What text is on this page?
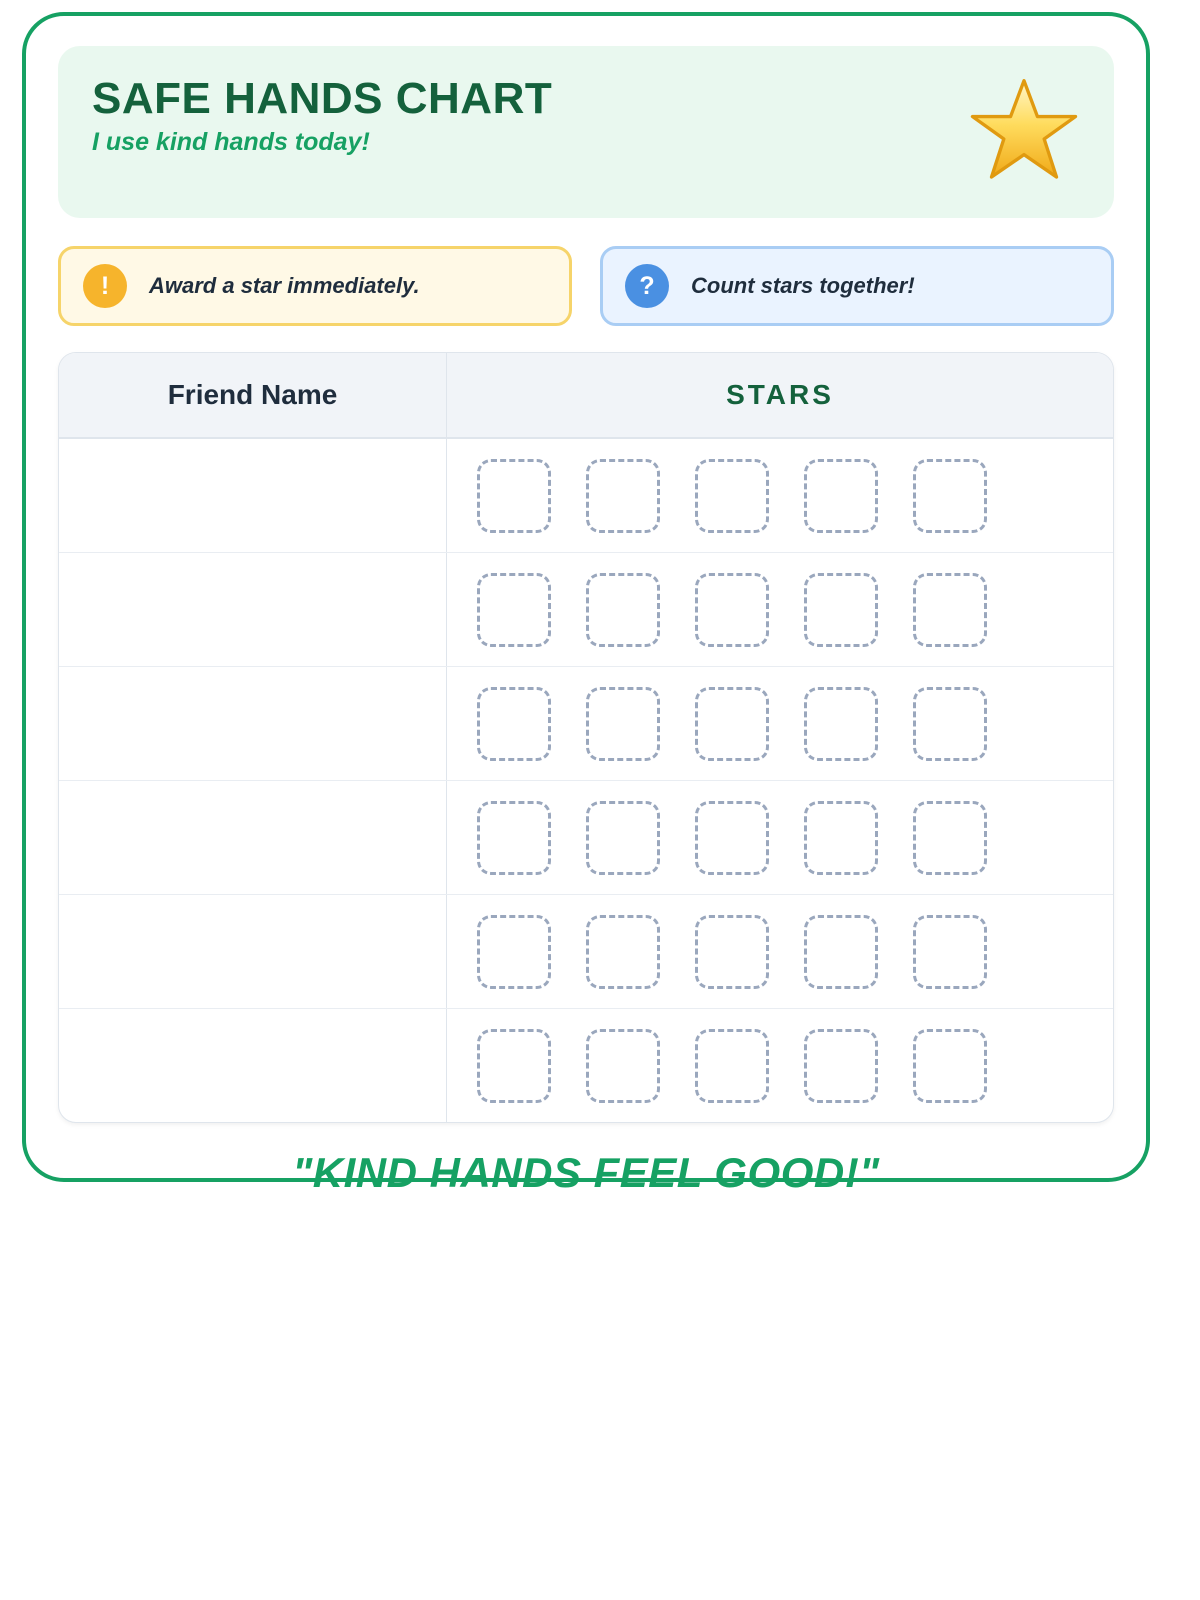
SAFE HANDS CHART
I use kind hands today!
!	Award a star immediately.	?	Count stars together!
Friend Name	STARS
"KIND HANDS FEEL GOOD!"
